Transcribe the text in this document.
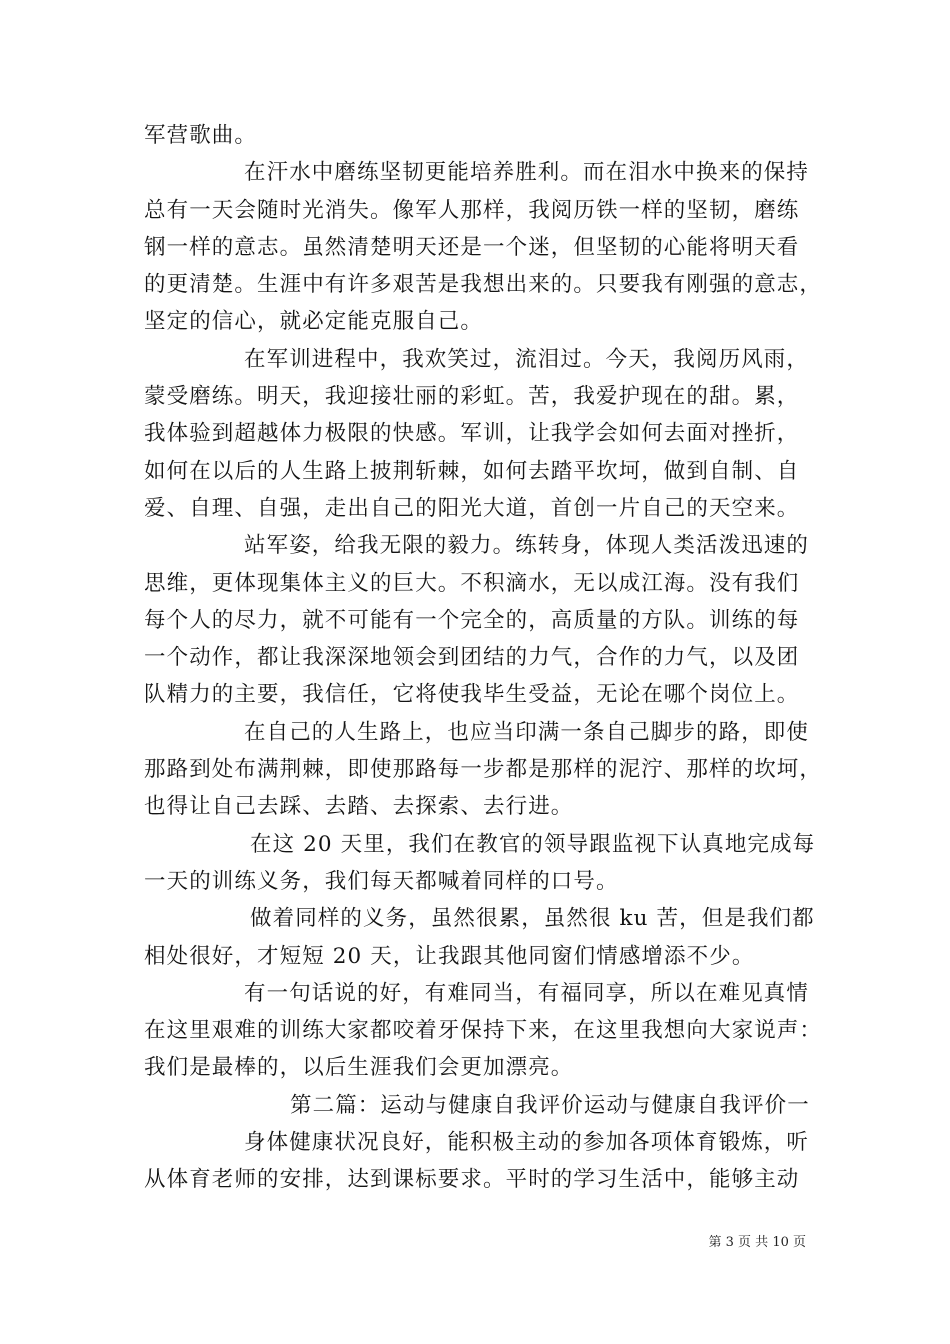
军营歌曲。
在汗水中磨练坚韧更能培养胜利。而在泪水中换来的保持
总有一天会随时光消失。像军人那样，我阅历铁一样的坚韧，磨练
钢一样的意志。虽然清楚明天还是一个迷，但坚韧的心能将明天看
的更清楚。生涯中有许多艰苦是我想出来的。只要我有刚强的意志，
坚定的信心，就必定能克服自己。
在军训进程中，我欢笑过，流泪过。今天，我阅历风雨，
蒙受磨练。明天，我迎接壮丽的彩虹。苦，我爱护现在的甜。累，
我体验到超越体力极限的快感。军训，让我学会如何去面对挫折，
如何在以后的人生路上披荆斩棘，如何去踏平坎坷，做到自制、自
爱、自理、自强，走出自己的阳光大道，首创一片自己的天空来。
站军姿，给我无限的毅力。练转身，体现人类活泼迅速的
思维，更体现集体主义的巨大。不积滴水，无以成江海。没有我们
每个人的尽力，就不可能有一个完全的，高质量的方队。训练的每
一个动作，都让我深深地领会到团结的力气，合作的力气，以及团
队精力的主要，我信任，它将使我毕生受益，无论在哪个岗位上。
在自己的人生路上，也应当印满一条自己脚步的路，即使
那路到处布满荆棘，即使那路每一步都是那样的泥泞、那样的坎坷，
也得让自己去踩、去踏、去探索、去行进。
在这 20 天里，我们在教官的领导跟监视下认真地完成每
一天的训练义务，我们每天都喊着同样的口号。
做着同样的义务，虽然很累，虽然很 ku 苦，但是我们都
相处很好，才短短 20 天，让我跟其他同窗们情感增添不少。
有一句话说的好，有难同当，有福同享，所以在难见真情
在这里艰难的训练大家都咬着牙保持下来，在这里我想向大家说声：
我们是最棒的，以后生涯我们会更加漂亮。
第二篇：运动与健康自我评价运动与健康自我评价一
身体健康状况良好，能积极主动的参加各项体育锻炼，听
从体育老师的安排，达到课标要求。平时的学习生活中，能够主动
第 3 页 共 10 页
